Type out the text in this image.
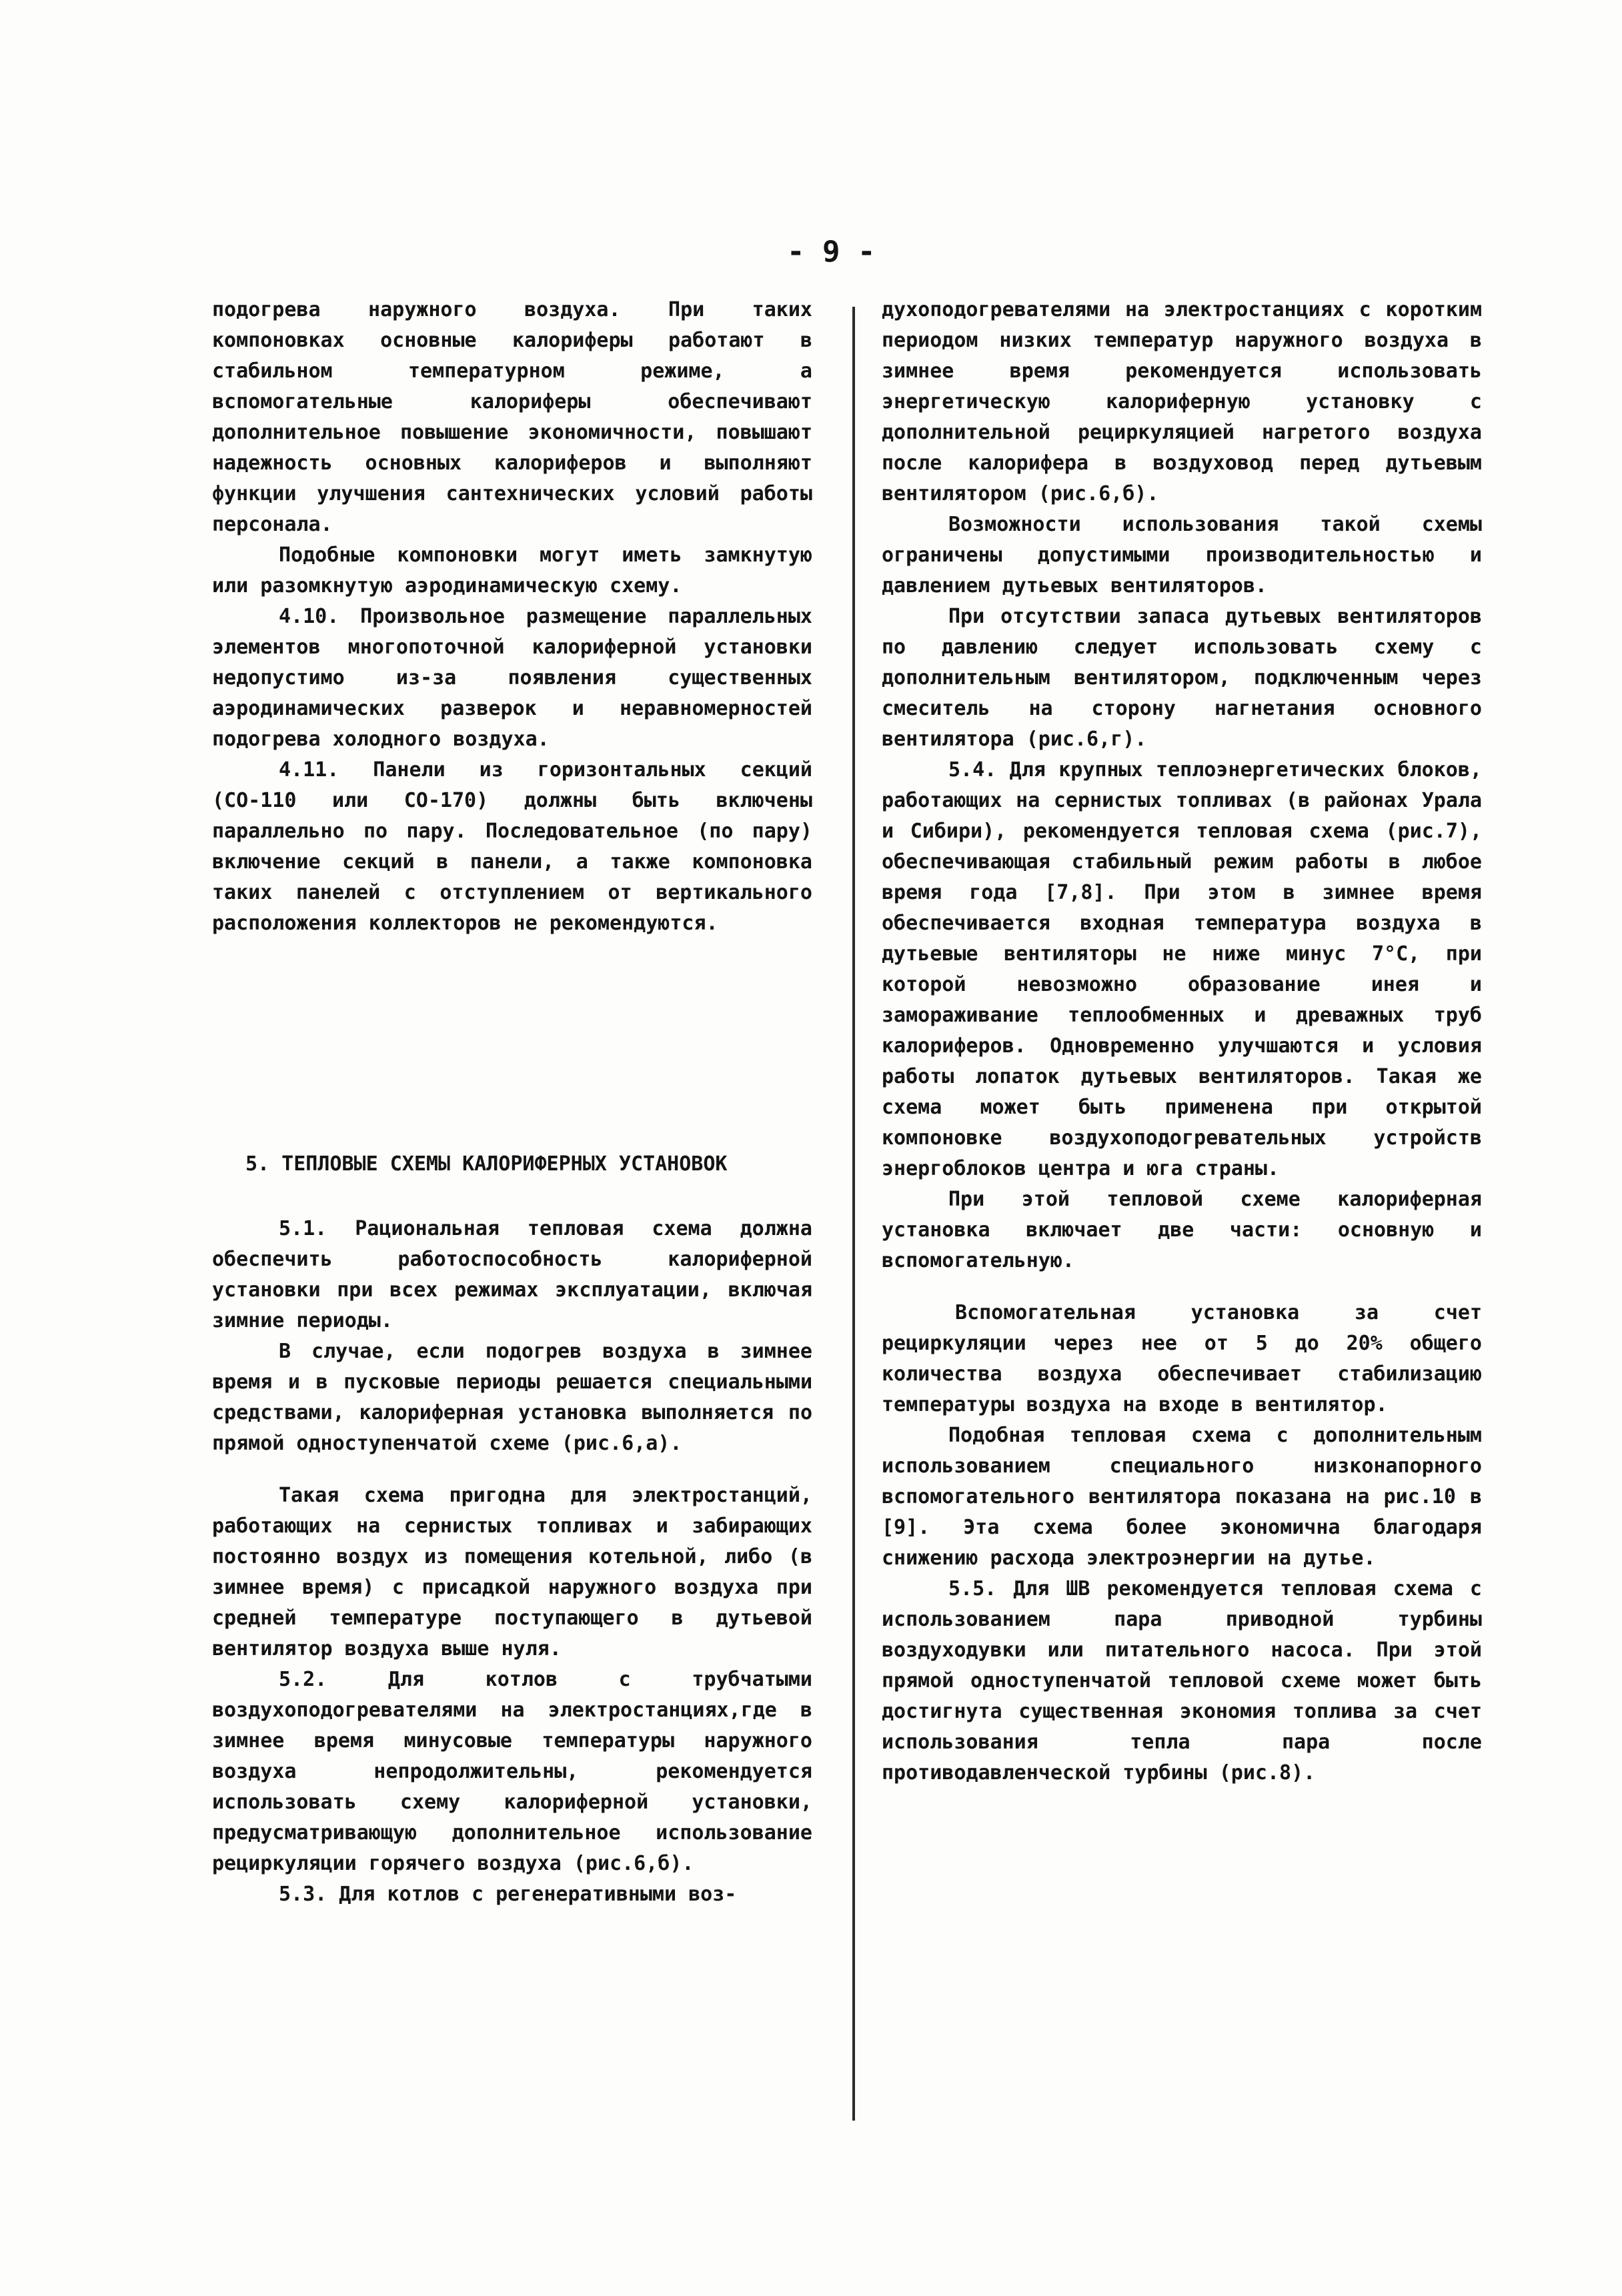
- 9 -

подогрева наружного воздуха. При таких компоновках основные калориферы работают в стабильном температурном режиме, а вспомогательные калориферы обеспечивают дополнительное повышение экономичности, повышают надежность основных калориферов и выполняют функции улучшения сантехнических условий работы персонала.

Подобные компоновки могут иметь замкнутую или разомкнутую аэродинамическую схему.

4.10. Произвольное размещение параллельных элементов многопоточной калориферной установки недопустимо из-за появления существенных аэродинамических разверок и неравномерностей подогрева холодного воздуха.

4.11. Панели из горизонтальных секций (СО-110 или СО-170) должны быть включены параллельно по пару. Последовательное (по пару) включение секций в панели, а также компоновка таких панелей с отступлением от вертикального расположения коллекторов не рекомендуются.

5. ТЕПЛОВЫЕ СХЕМЫ КАЛОРИФЕРНЫХ УСТАНОВОК

5.1. Рациональная тепловая схема должна обеспечить работоспособность калориферной установки при всех режимах эксплуатации, включая зимние периоды.

В случае, если подогрев воздуха в зимнее время и в пусковые периоды решается специальными средствами, калориферная установка выполняется по прямой одноступенчатой схеме (рис.6,а).

Такая схема пригодна для электростанций, работающих на сернистых топливах и забирающих постоянно воздух из помещения котельной, либо (в зимнее время) с присадкой наружного воздуха при средней температуре поступающего в дутьевой вентилятор воздуха выше нуля.

5.2. Для котлов с трубчатыми воздухоподогревателями на электростанциях,где в зимнее время минусовые температуры наружного воздуха непродолжительны, рекомендуется использовать схему калориферной установки, предусматривающую дополнительное использование рециркуляции горячего воздуха (рис.6,б).

5.3. Для котлов с регенеративными воз-

духоподогревателями на электростанциях с коротким периодом низких температур наружного воздуха в зимнее время рекомендуется использовать энергетическую калориферную установку с дополнительной рециркуляцией нагретого воздуха после калорифера в воздуховод перед дутьевым вентилятором (рис.6,б).

Возможности использования такой схемы ограничены допустимыми производительностью и давлением дутьевых вентиляторов.

При отсутствии запаса дутьевых вентиляторов по давлению следует использовать схему с дополнительным вентилятором, подключенным через смеситель на сторону нагнетания основного вентилятора (рис.6,г).

5.4. Для крупных теплоэнергетических блоков, работающих на сернистых топливах (в районах Урала и Сибири), рекомендуется тепловая схема (рис.7), обеспечивающая стабильный режим работы в любое время года [7,8]. При этом в зимнее время обеспечивается входная температура воздуха в дутьевые вентиляторы не ниже минус 7°С, при которой невозможно образование инея и замораживание теплообменных и древажных труб калориферов. Одновременно улучшаются и условия работы лопаток дутьевых вентиляторов. Такая же схема может быть применена при открытой компоновке воздухоподогревательных устройств энергоблоков центра и юга страны.

При этой тепловой схеме калориферная установка включает две части: основную и вспомогательную.

Вспомогательная установка за счет рециркуляции через нее от 5 до 20% общего количества воздуха обеспечивает стабилизацию температуры воздуха на входе в вентилятор.

Подобная тепловая схема с дополнительным использованием специального низконапорного вспомогательного вентилятора показана на рис.10 в [9]. Эта схема более экономична благодаря снижению расхода электроэнергии на дутье.

5.5. Для ШВ рекомендуется тепловая схема с использованием пара приводной турбины воздуходувки или питательного насоса. При этой прямой одноступенчатой тепловой схеме может быть достигнута существенная экономия топлива за счет использования тепла пара после противодавленческой турбины (рис.8).
